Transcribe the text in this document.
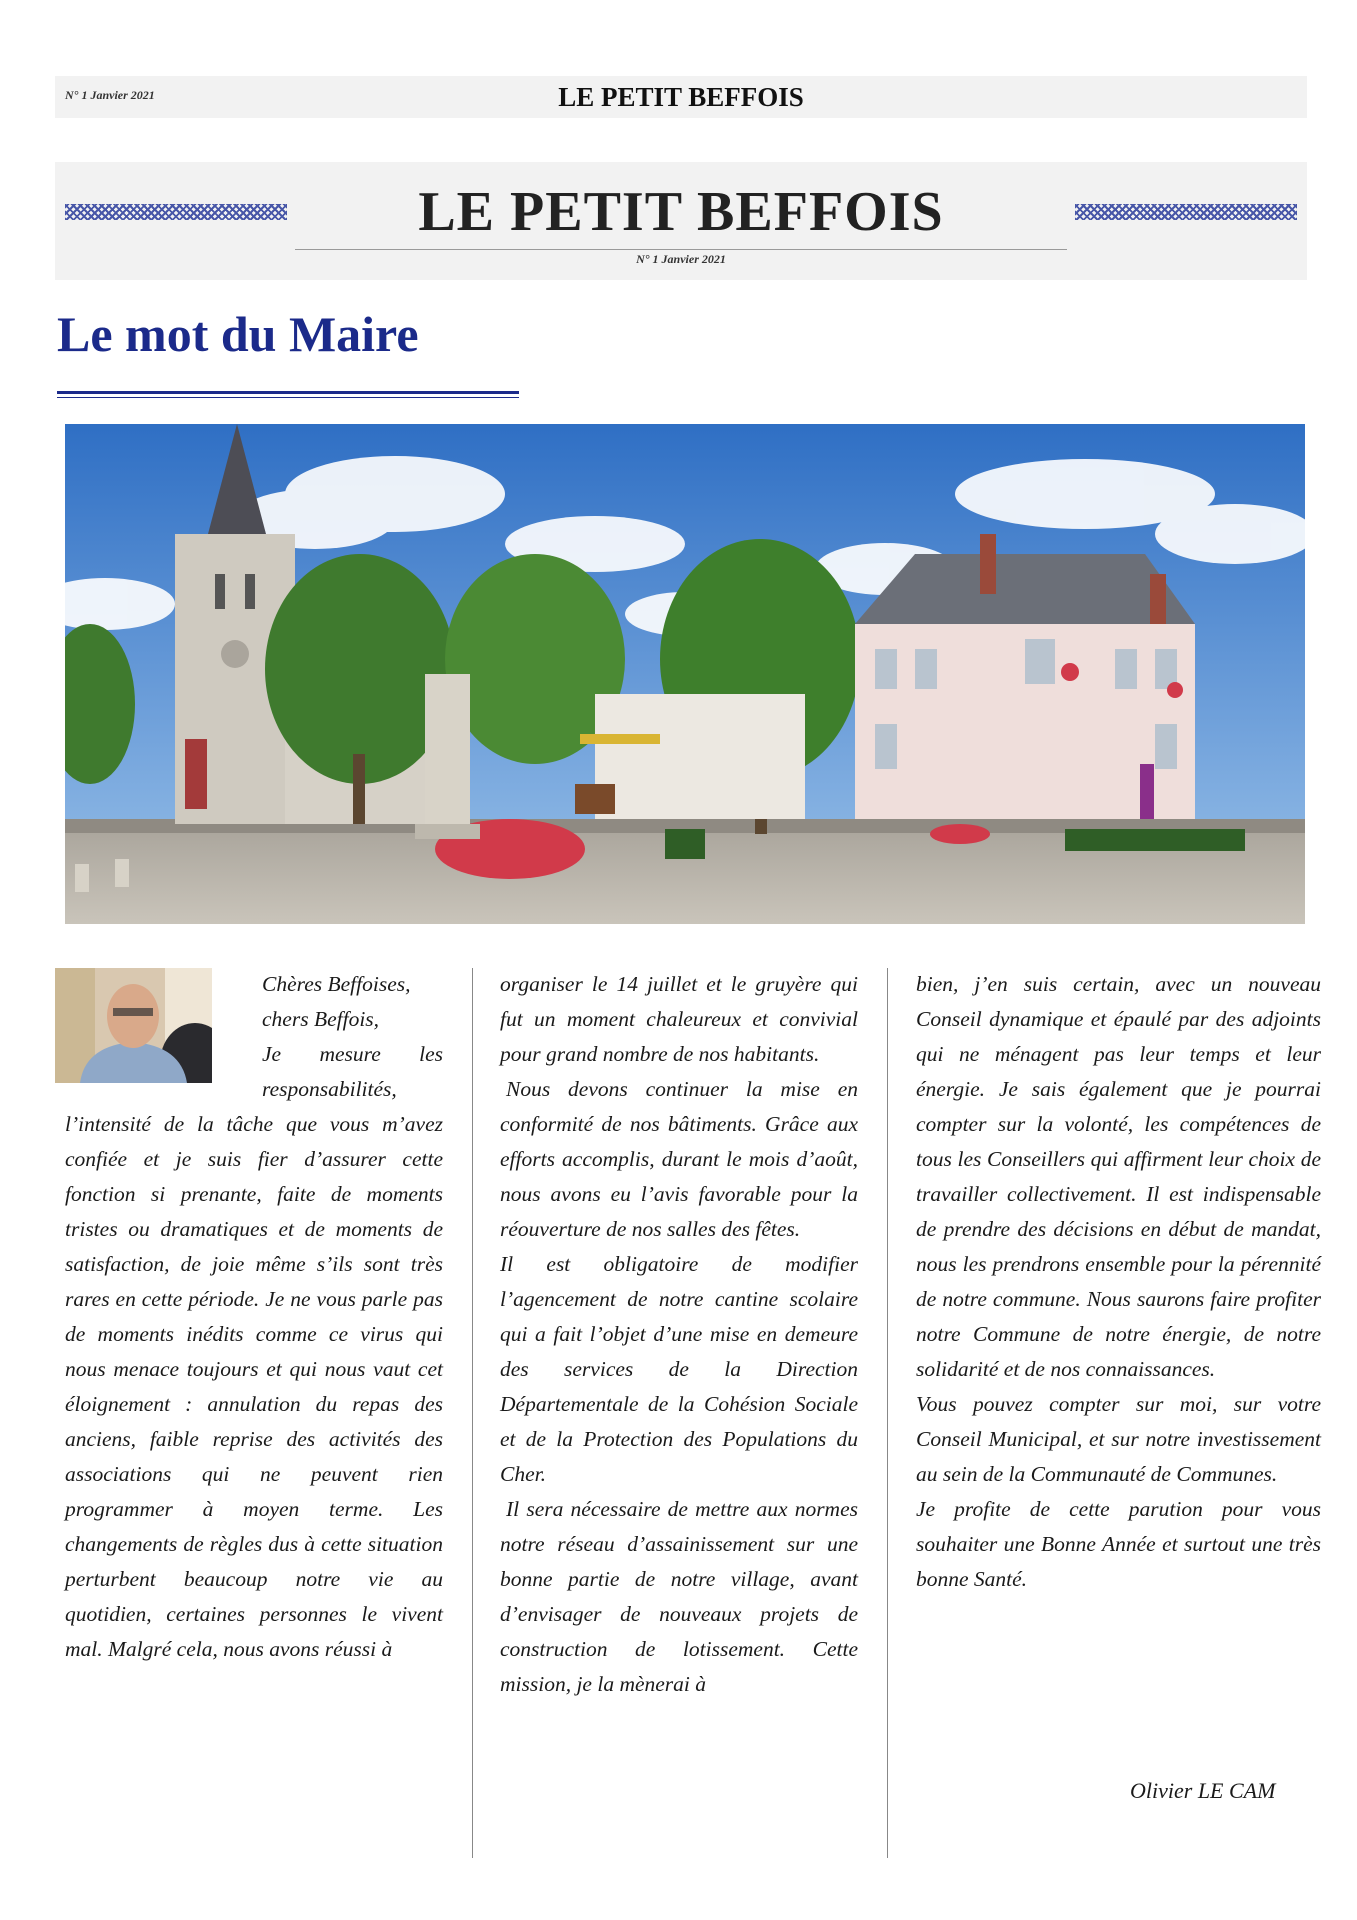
N° 1 Janvier 2021	LE PETIT BEFFOIS
LE PETIT BEFFOIS
N° 1 Janvier 2021
Le mot du Maire

Chères Beffoises,

chers Beffois,

Je mesure les responsabilités,

l’intensité de la tâche que vous m’avez confiée et je suis fier d’assurer cette fonction si prenante, faite de moments tristes ou dramatiques et de moments de satisfaction, de joie même s’ils sont très rares en cette période. Je ne vous parle pas de moments inédits comme ce virus qui nous menace toujours et qui nous vaut cet éloignement : annulation du repas des anciens, faible reprise des activités des associations qui ne peuvent rien programmer à moyen terme. Les changements de règles dus à cette situation perturbent beaucoup notre vie au quotidien, certaines personnes le vivent mal. Malgré cela, nous avons réussi à

organiser le 14 juillet et le gruyère qui fut un moment chaleureux et convivial pour grand nombre de nos habitants.

Nous devons continuer la mise en conformité de nos bâtiments. Grâce aux efforts accomplis, durant le mois d’août, nous avons eu l’avis favorable pour la réouverture de nos salles des fêtes.

Il est obligatoire de modifier l’agencement de notre cantine scolaire qui a fait l’objet d’une mise en demeure des services de la Direction Départementale de la Cohésion Sociale et de la Protection des Populations du Cher.

Il sera nécessaire de mettre aux normes notre réseau d’assainissement sur une bonne partie de notre village, avant d’envisager de nouveaux projets de construction de lotissement. Cette mission, je la mènerai à

bien, j’en suis certain, avec un nouveau Conseil dynamique et épaulé par des adjoints qui ne ménagent pas leur temps et leur énergie. Je sais également que je pourrai compter sur la volonté, les compétences de tous les Conseillers qui affirment leur choix de travailler collectivement. Il est indispensable de prendre des décisions en début de mandat, nous les prendrons ensemble pour la pérennité de notre commune. Nous saurons faire profiter notre Commune de notre énergie, de notre solidarité et de nos connaissances.

Vous pouvez compter sur moi, sur votre Conseil Municipal, et sur notre investissement au sein de la Communauté de Communes.

Je profite de cette parution pour vous souhaiter une Bonne Année et surtout une très bonne Santé.

Olivier LE CAM
